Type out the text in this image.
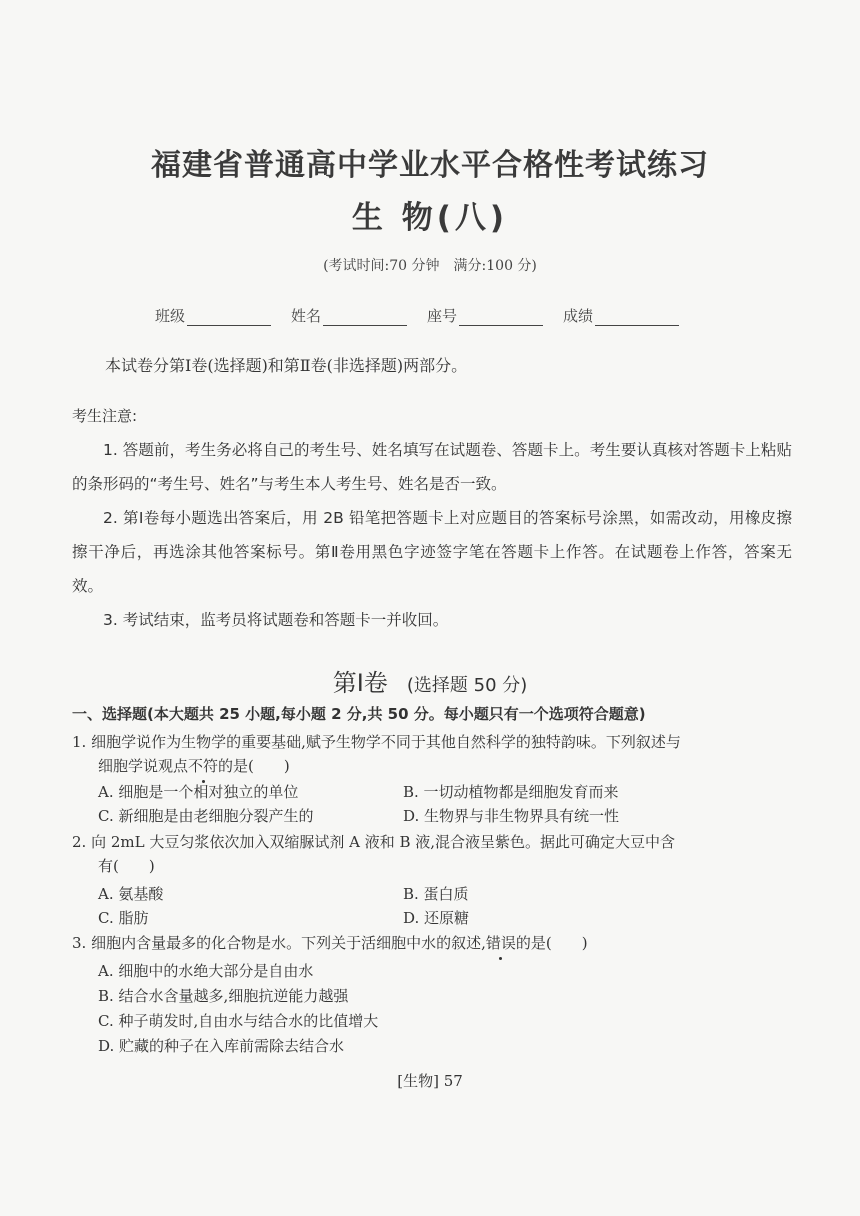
福建省普通高中学业水平合格性考试练习
生 物(八)
(考试时间:70 分钟　满分:100 分)
班级	姓名	座号	成绩
本试卷分第Ⅰ卷(选择题)和第Ⅱ卷(非选择题)两部分。
考生注意:
1. 答题前，考生务必将自己的考生号、姓名填写在试题卷、答题卡上。考生要认真核对答题卡上粘贴的条形码的“考生号、姓名”与考生本人考生号、姓名是否一致。
2. 第Ⅰ卷每小题选出答案后，用 2B 铅笔把答题卡上对应题目的答案标号涂黑，如需改动，用橡皮擦擦干净后，再选涂其他答案标号。第Ⅱ卷用黑色字迹签字笔在答题卡上作答。在试题卷上作答，答案无效。
3. 考试结束，监考员将试题卷和答题卡一并收回。
第Ⅰ卷 (选择题 50 分)
一、选择题(本大题共 25 小题,每小题 2 分,共 50 分。每小题只有一个选项符合题意)
1. 细胞学说作为生物学的重要基础,赋予生物学不同于其他自然科学的独特韵味。下列叙述与
细胞学说观点不符的是(　　)
A. 细胞是一个相对独立的单位	B. 一切动植物都是细胞发育而来
C. 新细胞是由老细胞分裂产生的	D. 生物界与非生物界具有统一性
2. 向 2mL 大豆匀浆依次加入双缩脲试剂 A 液和 B 液,混合液呈紫色。据此可确定大豆中含
有(　　)
A. 氨基酸	B. 蛋白质
C. 脂肪	D. 还原糖
3. 细胞内含量最多的化合物是水。下列关于活细胞中水的叙述,错误的是(　　)
A. 细胞中的水绝大部分是自由水
B. 结合水含量越多,细胞抗逆能力越强
C. 种子萌发时,自由水与结合水的比值增大
D. 贮藏的种子在入库前需除去结合水
[生物] 57
